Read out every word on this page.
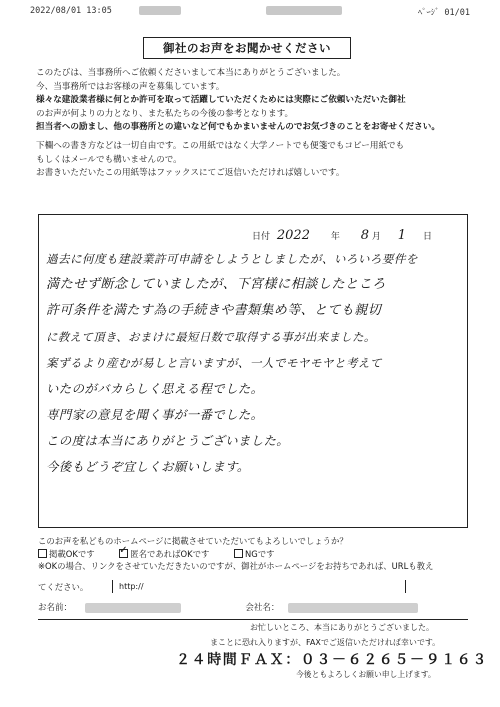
2022/08/01 13:05	ﾍﾟｰｼﾞ 01/01
御社のお声をお聞かせください

このたびは、当事務所へご依頼くださいまして本当にありがとうございました。

今、当事務所ではお客様の声を募集しています。

様々な建設業者様に何とか許可を取って活躍していただくためには実際にご依頼いただいた御社

のお声が何よりの力となり、また私たちの今後の参考となります。

担当者への励まし、他の事務所との違いなど何でもかまいませんのでお気づきのことをお寄せください。

下欄への書き方などは一切自由です。この用紙ではなく大学ノートでも便箋でもコピー用紙でも

もしくはメールでも構いませんので。

お書きいただいたこの用紙等はファックスにてご返信いただければ嬉しいです。

日付 2022 年 8 月 1 日
過去に何度も建設業許可申請をしようとしましたが、いろいろ要件を
満たせず断念していましたが、下宮様に相談したところ
許可条件を満たす為の手続きや書類集め等、とても親切
に教えて頂き、おまけに最短日数で取得する事が出来ました。
案ずるより産むが易しと言いますが、一人でモヤモヤと考えて
いたのがバカらしく思える程でした。
専門家の意見を聞く事が一番でした。
この度は本当にありがとうございました。
今後もどうぞ宜しくお願いします。
このお声を私どものホームページに掲載させていただいてもよろしいでしょうか？
掲載OKです ✓	匿名であればOKです	NGです
※OKの場合、リンクをさせていただきたいのですが、御社がホームページをお持ちであれば、URLも教え
てください。	http://
お名前：	会社名：
お忙しいところ、本当にありがとうございました。
まことに恐れ入りますが、FAXでご返信いただければ幸いです。
２４時間ＦＡＸ：０３－６２６５－９１６３
今後ともよろしくお願い申し上げます。
